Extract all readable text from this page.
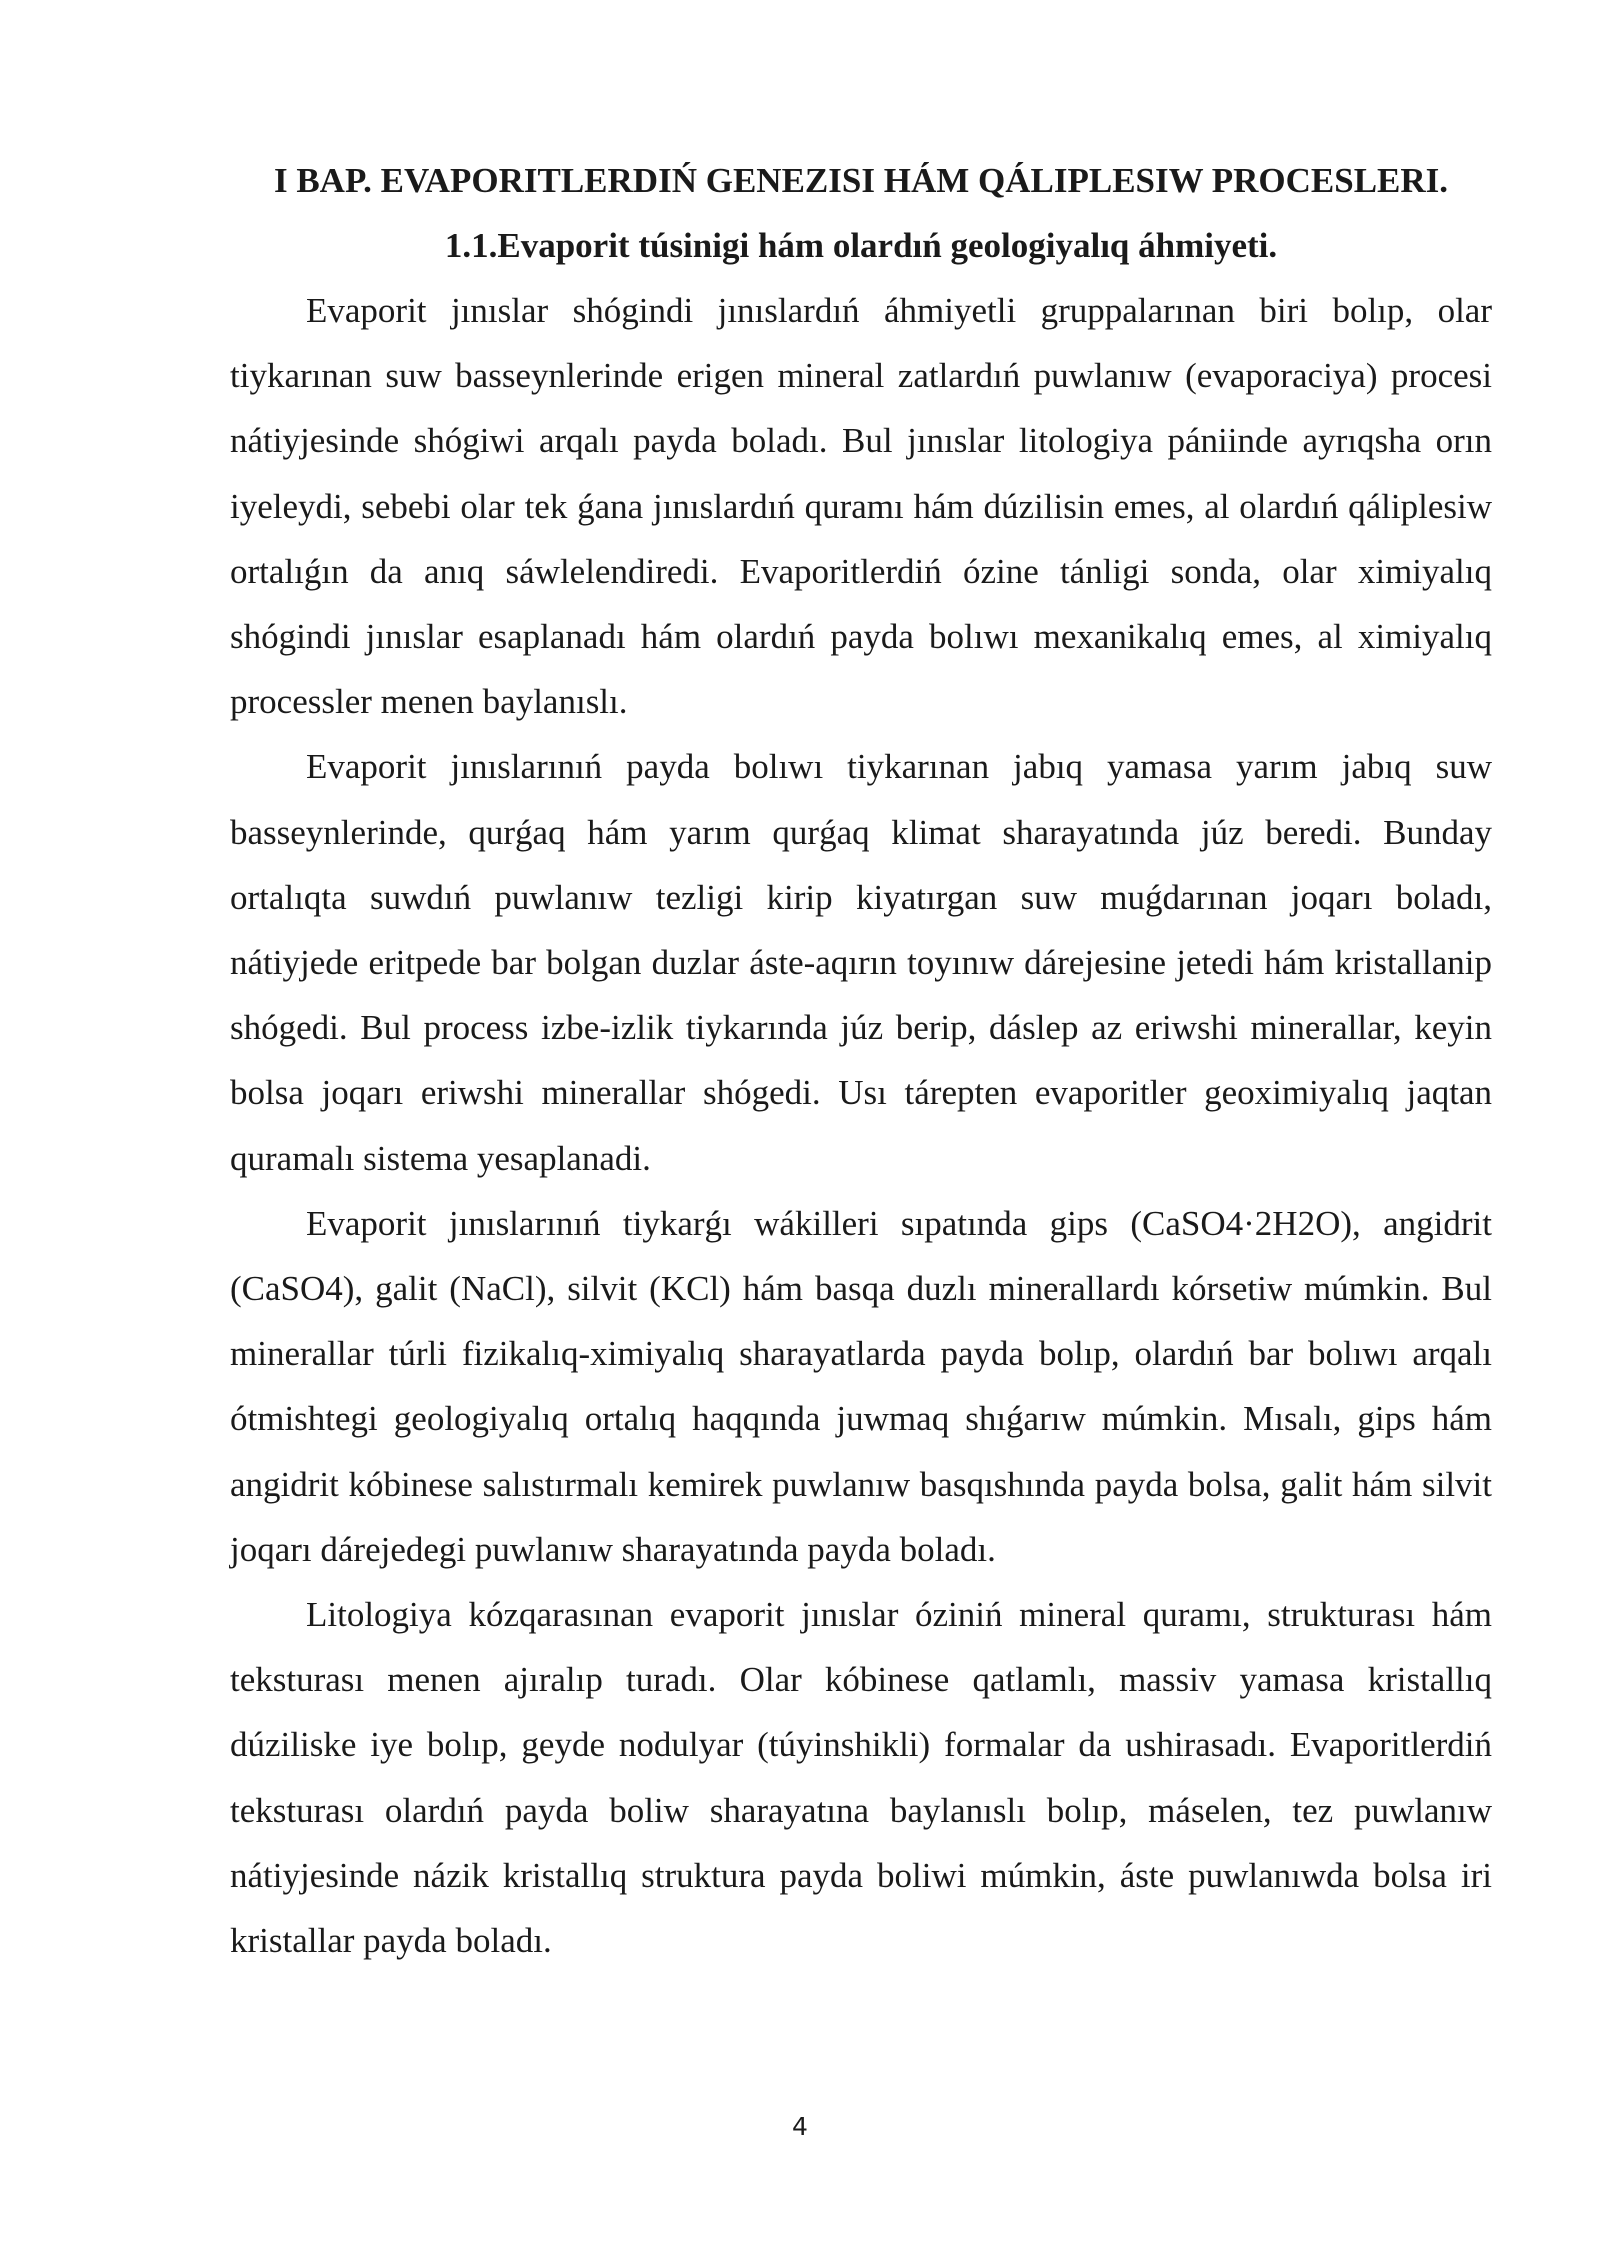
I BAP. EVAPORITLERDIŃ GENEZISI HÁM QÁLIPLESIW PROCESLERI.
1.1.Evaporit túsinigi hám olardıń geologiyalıq áhmiyeti.

Evaporit jınıslar shógindi jınıslardıń áhmiyetli gruppalarınan biri bolıp, olar tiykarınan suw basseynlerinde erigen mineral zatlardıń puwlanıw (evaporaciya) procesi nátiyjesinde shógiwi arqalı payda boladı. Bul jınıslar litologiya pániinde ayrıqsha orın iyeleydi, sebebi olar tek ǵana jınıslardıń quramı hám dúzilisin emes, al olardıń qáliplesiw ortalıǵın da anıq sáwlelendiredi. Evaporitlerdiń ózine tánligi sonda, olar ximiyalıq shógindi jınıslar esaplanadı hám olardıń payda bolıwı mexanikalıq emes, al ximiyalıq processler menen baylanıslı.

Evaporit jınıslarınıń payda bolıwı tiykarınan jabıq yamasa yarım jabıq suw basseynlerinde, qurǵaq hám yarım qurǵaq klimat sharayatında júz beredi. Bunday ortalıqta suwdıń puwlanıw tezligi kirip kiyatırgan suw muǵdarınan joqarı boladı, nátiyjede eritpede bar bolgan duzlar áste-aqırın toyınıw dárejesine jetedi hám kristallanip shógedi. Bul process izbe-izlik tiykarında júz berip, dáslep az eriwshi minerallar, keyin bolsa joqarı eriwshi minerallar shógedi. Usı tárepten evaporitler geoximiyalıq jaqtan quramalı sistema yesaplanadi.

Evaporit jınıslarınıń tiykarǵı wákilleri sıpatında gips (CaSO4·2H2O), angidrit (CaSO4), galit (NaCl), silvit (KCl) hám basqa duzlı minerallardı kórsetiw múmkin. Bul minerallar túrli fizikalıq-ximiyalıq sharayatlarda payda bolıp, olardıń bar bolıwı arqalı ótmishtegi geologiyalıq ortalıq haqqında juwmaq shıǵarıw múmkin. Mısalı, gips hám angidrit kóbinese salıstırmalı kemirek puwlanıw basqıshında payda bolsa, galit hám silvit joqarı dárejedegi puwlanıw sharayatında payda boladı.

Litologiya kózqarasınan evaporit jınıslar óziniń mineral quramı, strukturası hám teksturası menen ajıralıp turadı. Olar kóbinese qatlamlı, massiv yamasa kristallıq dúziliske iye bolıp, geyde nodulyar (túyinshikli) formalar da ushirasadı. Evaporitlerdiń teksturası olardıń payda boliw sharayatına baylanıslı bolıp, máselen, tez puwlanıw nátiyjesinde názik kristallıq struktura payda boliwi múmkin, áste puwlanıwda bolsa iri kristallar payda boladı.

4
